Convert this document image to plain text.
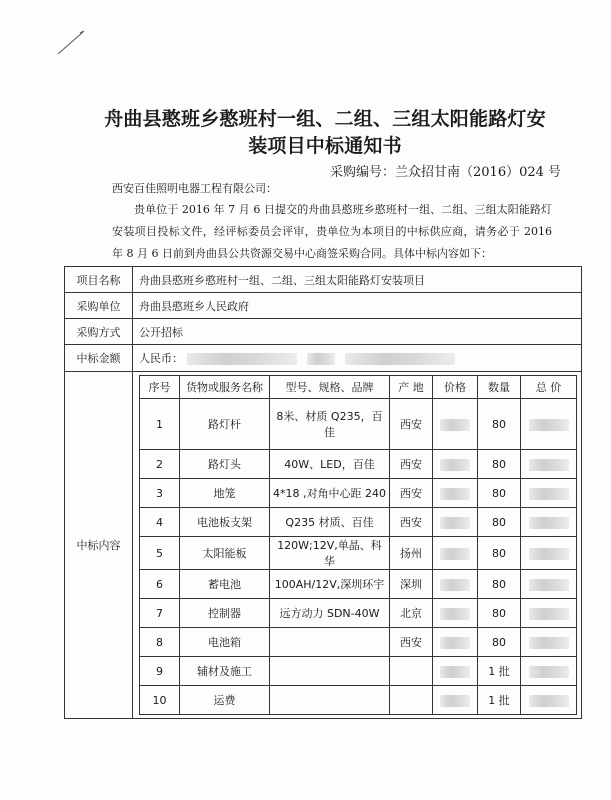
舟曲县憨班乡憨班村一组、二组、三组太阳能路灯安装项目中标通知书
采购编号：兰众招甘南（2016）024 号
西安百佳照明电器工程有限公司：
贵单位于 2016 年 7 月 6 日提交的舟曲县憨班乡憨班村一组、二组、三组太阳能路灯安装项目投标文件，经评标委员会评审，贵单位为本项目的中标供应商，请务必于 2016 年 8 月 6 日前到舟曲县公共资源交易中心商签采购合同。具体中标内容如下：
项目名称	舟曲县憨班乡憨班村一组、二组、三组太阳能路灯安装项目
采购单位	舟曲县憨班乡人民政府
采购方式	公开招标
中标金额	人民币：
中标内容	
序号	货物或服务名称	型号、规格、品牌	产 地	价格	数量	总 价
1	路灯杆	8米、材质 Q235，百佳	西安		80	
2	路灯头	40W、LED，百佳	西安		80	
3	地笼	4*18 ,对角中心距 240	西安		80	
4	电池板支架	Q235 材质、百佳	西安		80	
5	太阳能板	120W;12V,单晶、科华	扬州		80	
6	蓄电池	100AH/12V,深圳环宇	深圳		80	
7	控制器	远方动力 SDN-40W	北京		80	
8	电池箱		西安		80	
9	辅材及施工				1 批	
10	运费				1 批	
